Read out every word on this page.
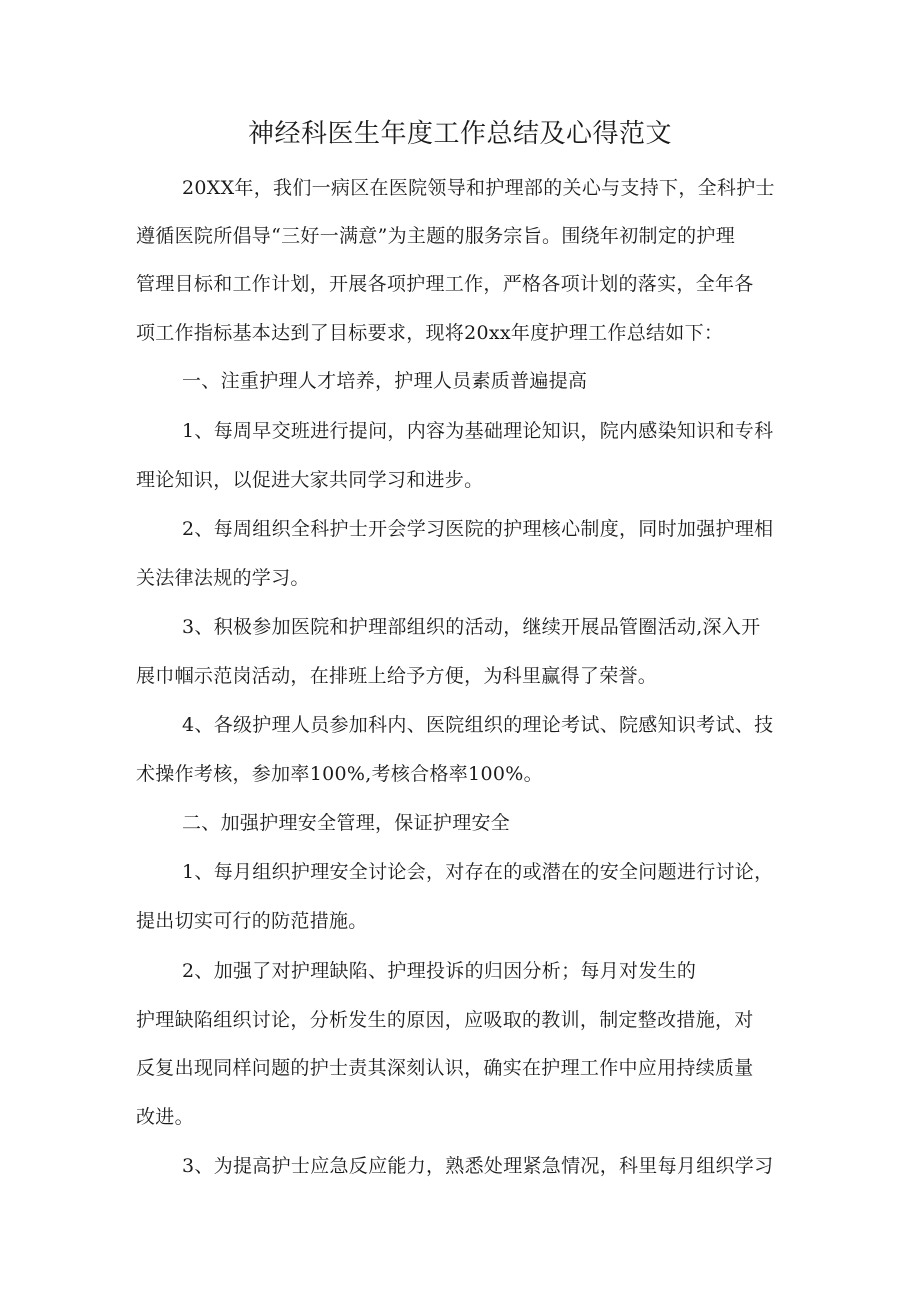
神经科医生年度工作总结及心得范文
20XX年，我们一病区在医院领导和护理部的关心与支持下，全科护士
遵循医院所倡导“三好一满意”为主题的服务宗旨。围绕年初制定的护理
管理目标和工作计划，开展各项护理工作，严格各项计划的落实，全年各
项工作指标基本达到了目标要求，现将20xx年度护理工作总结如下：
一、注重护理人才培养，护理人员素质普遍提高
1、每周早交班进行提问，内容为基础理论知识，院内感染知识和专科
理论知识，以促进大家共同学习和进步。
2、每周组织全科护士开会学习医院的护理核心制度，同时加强护理相
关法律法规的学习。
3、积极参加医院和护理部组织的活动，继续开展品管圈活动,深入开
展巾帼示范岗活动，在排班上给予方便，为科里赢得了荣誉。
4、各级护理人员参加科内、医院组织的理论考试、院感知识考试、技
术操作考核，参加率100%,考核合格率100%。
二、加强护理安全管理，保证护理安全
1、每月组织护理安全讨论会，对存在的或潜在的安全问题进行讨论，
提出切实可行的防范措施。
2、加强了对护理缺陷、护理投诉的归因分析；每月对发生的
护理缺陷组织讨论，分析发生的原因，应吸取的教训，制定整改措施，对
反复出现同样问题的护士责其深刻认识，确实在护理工作中应用持续质量
改进。
3、为提高护士应急反应能力，熟悉处理紧急情况，科里每月组织学习
